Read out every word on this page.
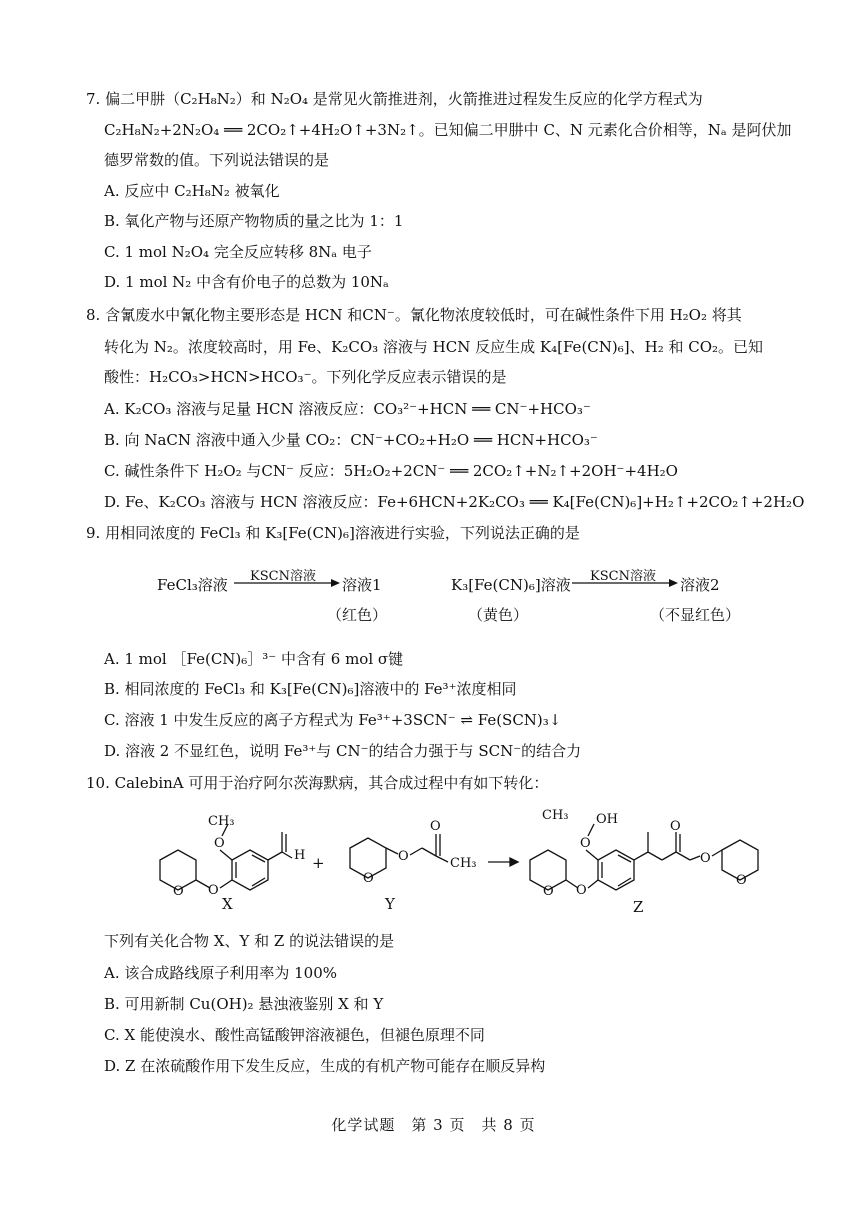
7. 偏二甲肼（C₂H₈N₂）和 N₂O₄ 是常见火箭推进剂，火箭推进过程发生反应的化学方程式为
C₂H₈N₂+2N₂O₄ ══ 2CO₂↑+4H₂O↑+3N₂↑。已知偏二甲肼中 C、N 元素化合价相等，Nₐ 是阿伏加
德罗常数的值。下列说法错误的是
A. 反应中 C₂H₈N₂ 被氧化
B. 氧化产物与还原产物物质的量之比为 1：1
C. 1 mol N₂O₄ 完全反应转移 8Nₐ 电子
D. 1 mol N₂ 中含有价电子的总数为 10Nₐ
8. 含氰废水中氰化物主要形态是 HCN 和CN⁻。氰化物浓度较低时，可在碱性条件下用 H₂O₂ 将其
转化为 N₂。浓度较高时，用 Fe、K₂CO₃ 溶液与 HCN 反应生成 K₄[Fe(CN)₆]、H₂ 和 CO₂。已知
酸性：H₂CO₃>HCN>HCO₃⁻。下列化学反应表示错误的是
A. K₂CO₃ 溶液与足量 HCN 溶液反应：CO₃²⁻+HCN ══ CN⁻+HCO₃⁻
B. 向 NaCN 溶液中通入少量 CO₂：CN⁻+CO₂+H₂O ══ HCN+HCO₃⁻
C. 碱性条件下 H₂O₂ 与CN⁻ 反应：5H₂O₂+2CN⁻ ══ 2CO₂↑+N₂↑+2OH⁻+4H₂O
D. Fe、K₂CO₃ 溶液与 HCN 溶液反应：Fe+6HCN+2K₂CO₃ ══ K₄[Fe(CN)₆]+H₂↑+2CO₂↑+2H₂O
9. 用相同浓度的 FeCl₃ 和 K₃[Fe(CN)₆]溶液进行实验，下列说法正确的是
FeCl₃溶液 KSCN溶液 溶液1
（红色）
K₃[Fe(CN)₆]溶液 KSCN溶液 溶液2
（黄色）	（不显红色）
A. 1 mol ［Fe(CN)₆］³⁻ 中含有 6 mol σ键
B. 相同浓度的 FeCl₃ 和 K₃[Fe(CN)₆]溶液中的 Fe³⁺浓度相同
C. 溶液 1 中发生反应的离子方程式为 Fe³⁺+3SCN⁻ ⇌ Fe(SCN)₃↓
D. 溶液 2 不显红色，说明 Fe³⁺与 CN⁻的结合力强于与 SCN⁻的结合力
10. CalebinA 可用于治疗阿尔茨海默病，其合成过程中有如下转化：
O O
O
O
O
O
O O
O
O
O
O
CH₃
H +	CH₃
CH₃ OH
X	Y	Z
下列有关化合物 X、Y 和 Z 的说法错误的是
A. 该合成路线原子利用率为 100%
B. 可用新制 Cu(OH)₂ 悬浊液鉴别 X 和 Y
C. X 能使溴水、酸性高锰酸钾溶液褪色，但褪色原理不同
D. Z 在浓硫酸作用下发生反应，生成的有机产物可能存在顺反异构
化学试题　第 3 页　共 8 页
